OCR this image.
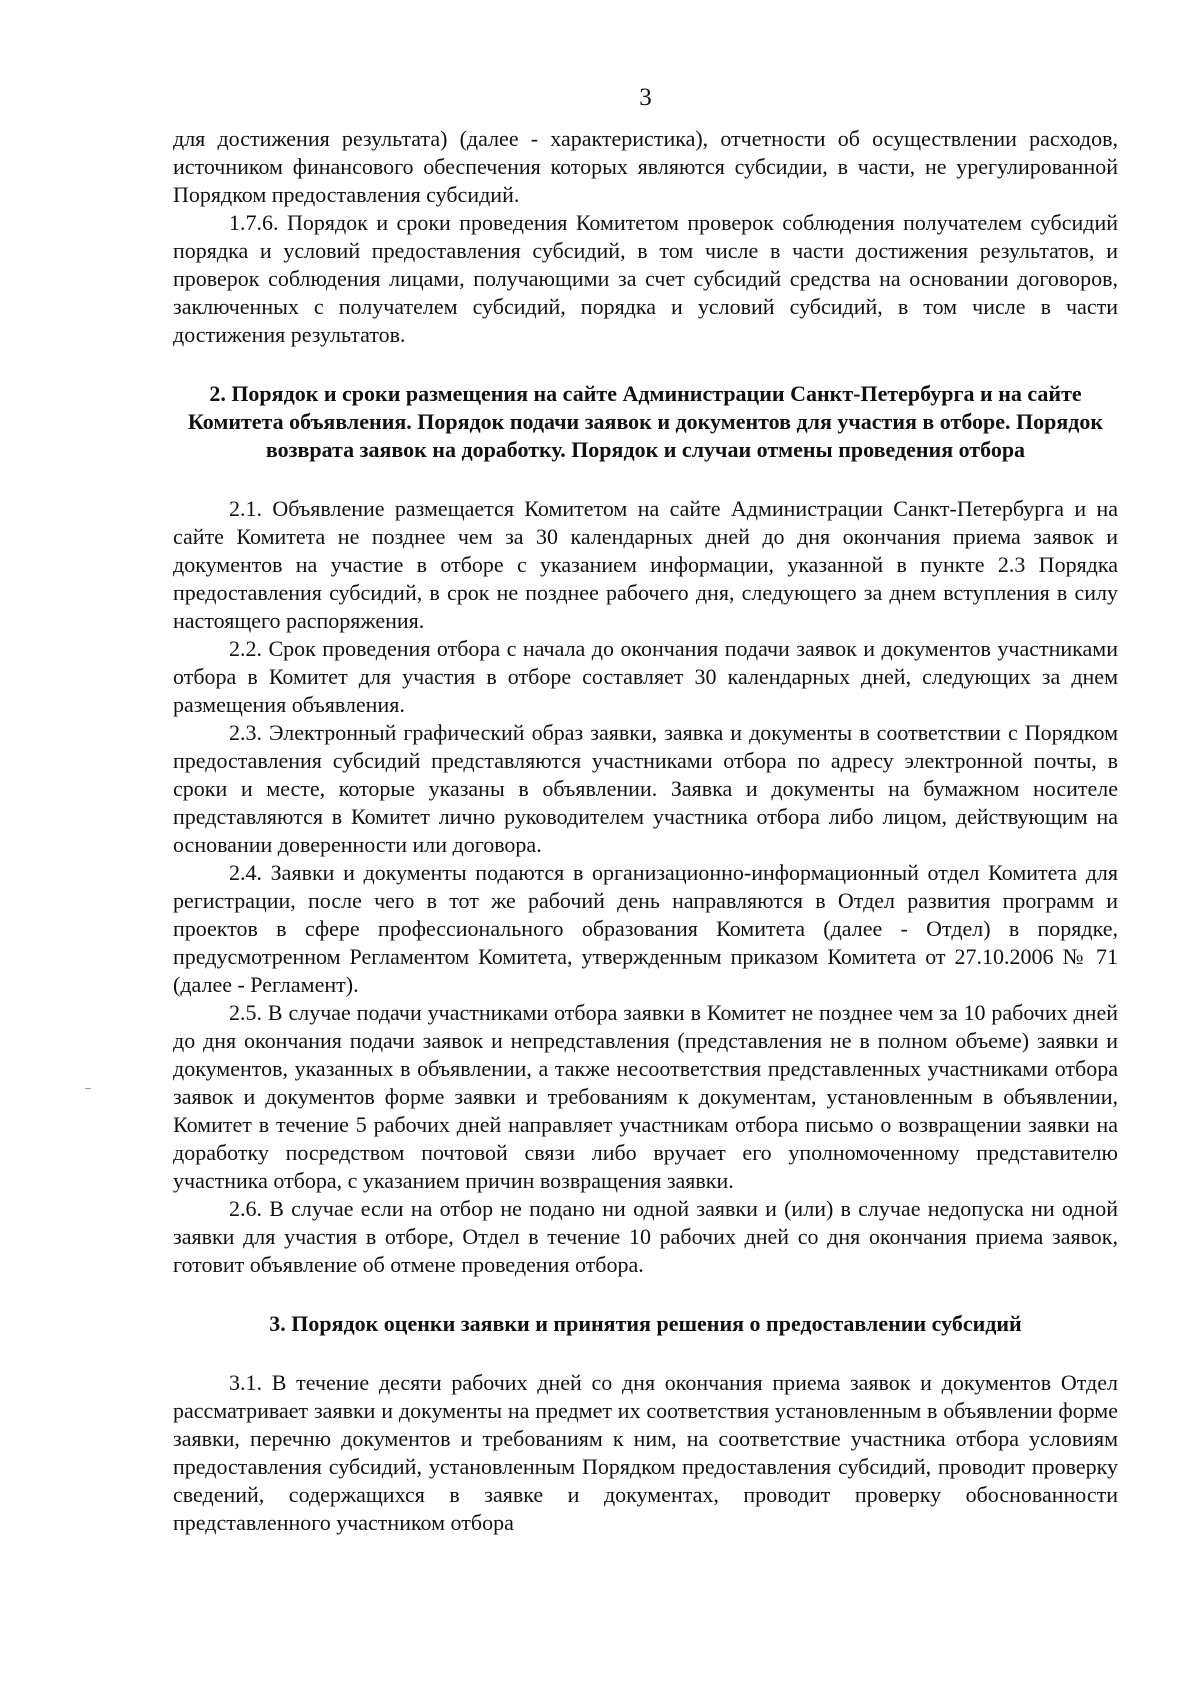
3

для достижения результата) (далее - характеристика), отчетности об осуществлении расходов, источником финансового обеспечения которых являются субсидии, в части, не урегулированной Порядком предоставления субсидий.

1.7.6. Порядок и сроки проведения Комитетом проверок соблюдения получателем субсидий порядка и условий предоставления субсидий, в том числе в части достижения результатов, и проверок соблюдения лицами, получающими за счет субсидий средства на основании договоров, заключенных с получателем субсидий, порядка и условий субсидий, в том числе в части достижения результатов.

2. Порядок и сроки размещения на сайте Администрации Санкт-Петербурга и на сайте Комитета объявления. Порядок подачи заявок и документов для участия в отборе. Порядок возврата заявок на доработку. Порядок и случаи отмены проведения отбора

2.1. Объявление размещается Комитетом на сайте Администрации Санкт-Петербурга и на сайте Комитета не позднее чем за 30 календарных дней до дня окончания приема заявок и документов на участие в отборе с указанием информации, указанной в пункте 2.3 Порядка предоставления субсидий, в срок не позднее рабочего дня, следующего за днем вступления в силу настоящего распоряжения.

2.2. Срок проведения отбора с начала до окончания подачи заявок и документов участниками отбора в Комитет для участия в отборе составляет 30 календарных дней, следующих за днем размещения объявления.

2.3. Электронный графический образ заявки, заявка и документы в соответствии с Порядком предоставления субсидий представляются участниками отбора по адресу электронной почты, в сроки и месте, которые указаны в объявлении. Заявка и документы на бумажном носителе представляются в Комитет лично руководителем участника отбора либо лицом, действующим на основании доверенности или договора.

2.4. Заявки и документы подаются в организационно-информационный отдел Комитета для регистрации, после чего в тот же рабочий день направляются в Отдел развития программ и проектов в сфере профессионального образования Комитета (далее - Отдел) в порядке, предусмотренном Регламентом Комитета, утвержденным приказом Комитета от 27.10.2006 № 71 (далее - Регламент).

2.5. В случае подачи участниками отбора заявки в Комитет не позднее чем за 10 рабочих дней до дня окончания подачи заявок и непредставления (представления не в полном объеме) заявки и документов, указанных в объявлении, а также несоответствия представленных участниками отбора заявок и документов форме заявки и требованиям к документам, установленным в объявлении, Комитет в течение 5 рабочих дней направляет участникам отбора письмо о возвращении заявки на доработку посредством почтовой связи либо вручает его уполномоченному представителю участника отбора, с указанием причин возвращения заявки.

2.6. В случае если на отбор не подано ни одной заявки и (или) в случае недопуска ни одной заявки для участия в отборе, Отдел в течение 10 рабочих дней со дня окончания приема заявок, готовит объявление об отмене проведения отбора.

3. Порядок оценки заявки и принятия решения о предоставлении субсидий

3.1. В течение десяти рабочих дней со дня окончания приема заявок и документов Отдел рассматривает заявки и документы на предмет их соответствия установленным в объявлении форме заявки, перечню документов и требованиям к ним, на соответствие участника отбора условиям предоставления субсидий, установленным Порядком предоставления субсидий, проводит проверку сведений, содержащихся в заявке и документах, проводит проверку обоснованности представленного участником отбора
